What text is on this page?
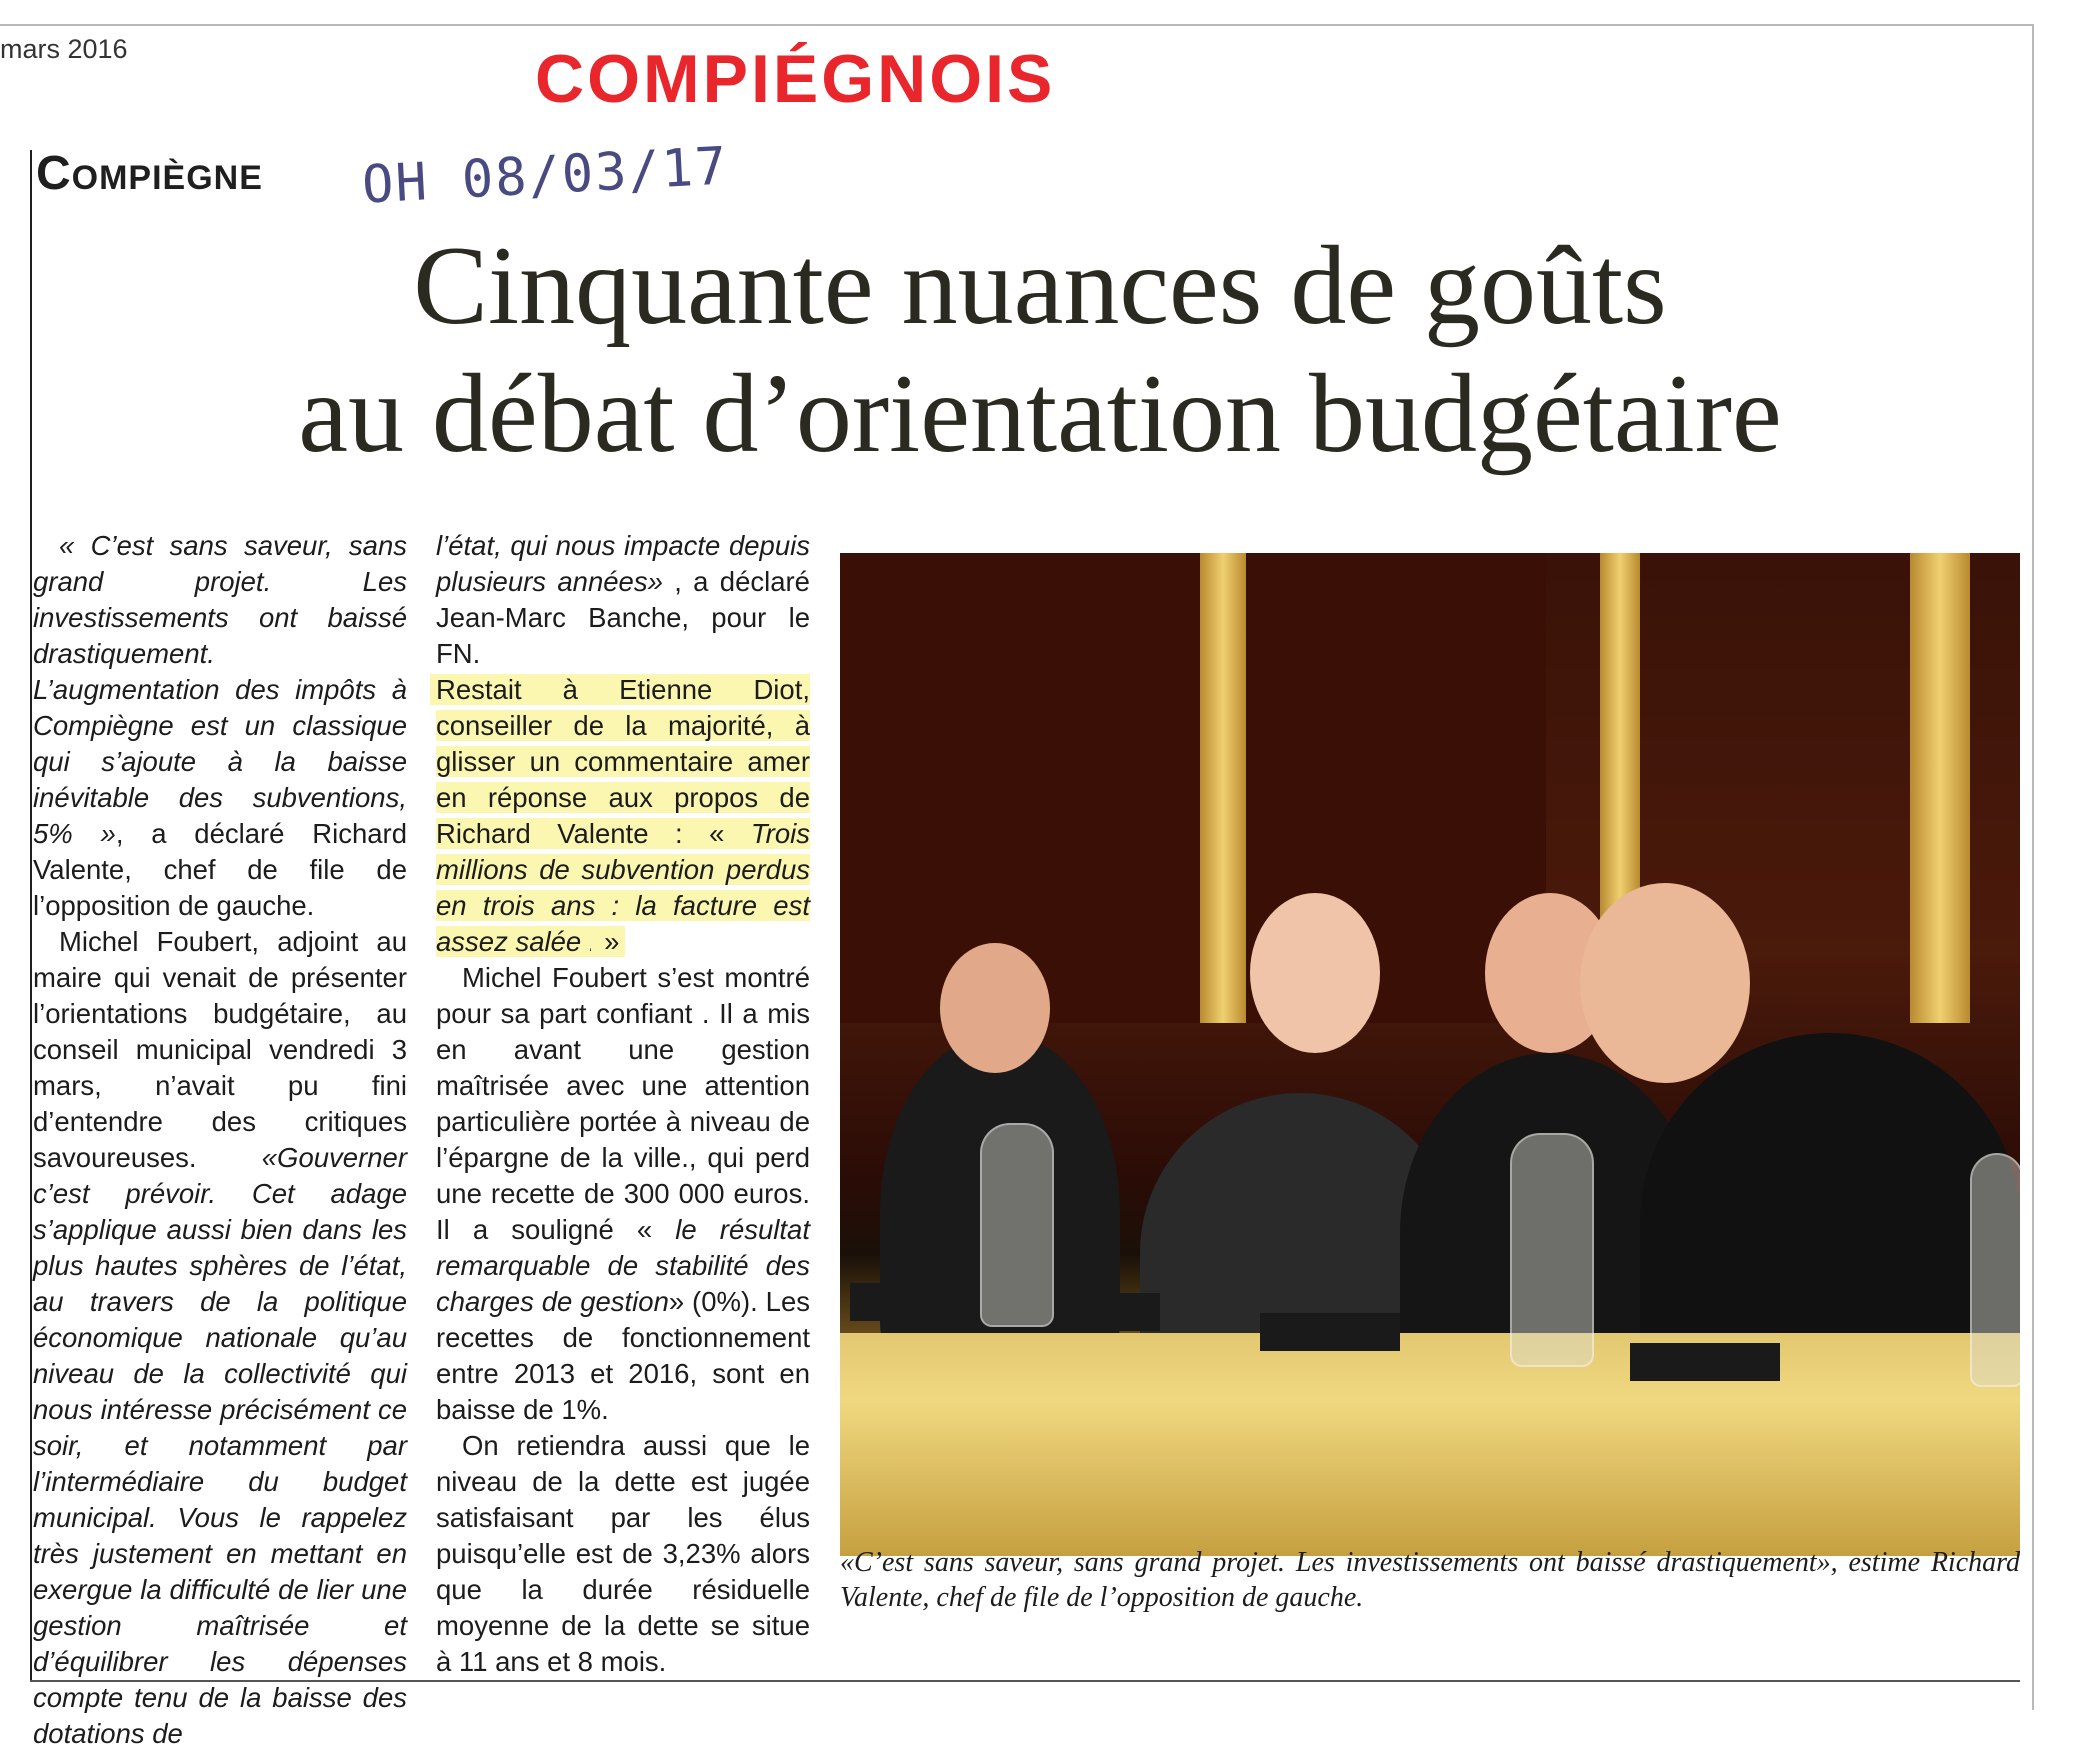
mars 2016	COMPIÉGNOIS
Compiègne OH 08/03/17
Cinquante nuances de goûts
au débat d’orientation budgétaire

« C’est sans saveur, sans grand projet. Les investissements ont baissé drastiquement. L’augmentation des impôts à Compiègne est un classique qui s’ajoute à la baisse inévitable des subventions, 5% », a déclaré Richard Valente, chef de file de l’opposition de gauche.

Michel Foubert, adjoint au maire qui venait de présenter l’orientations budgétaire, au conseil municipal vendredi 3 mars, n’avait pu fini d’entendre des critiques savoureuses. «Gouverner c’est prévoir. Cet adage s’applique aussi bien dans les plus hautes sphères de l’état, au travers de la politique économique nationale qu’au niveau de la collectivité qui nous intéresse précisément ce soir, et notamment par l’intermédiaire du budget municipal. Vous le rappelez très justement en mettant en exergue la difficulté de lier une gestion maîtrisée et d’équilibrer les dépenses compte tenu de la baisse des dotations de

l’état, qui nous impacte depuis plusieurs années» , a déclaré Jean-Marc Banche, pour le FN.

Restait à Etienne Diot, conseiller de la majorité, à glisser un commentaire amer en réponse aux propos de Richard Valente : « Trois millions de subvention perdus en trois ans : la facture est assez salée ! »

Michel Foubert s’est montré pour sa part confiant . Il a mis en avant une gestion maîtrisée avec une attention particulière portée à niveau de l’épargne de la ville., qui perd une recette de 300 000 euros. Il a souligné « le résultat remarquable de stabilité des charges de gestion» (0%). Les recettes de fonctionnement entre 2013 et 2016, sont en baisse de 1%.

On retiendra aussi que le niveau de la dette est jugée satisfaisant par les élus puisqu’elle est de 3,23% alors que la durée résiduelle moyenne de la dette se situe à 11 ans et 8 mois.

«C’est sans saveur, sans grand projet. Les investissements ont baissé drastiquement», estime Richard Valente, chef de file de l’opposition de gauche.
